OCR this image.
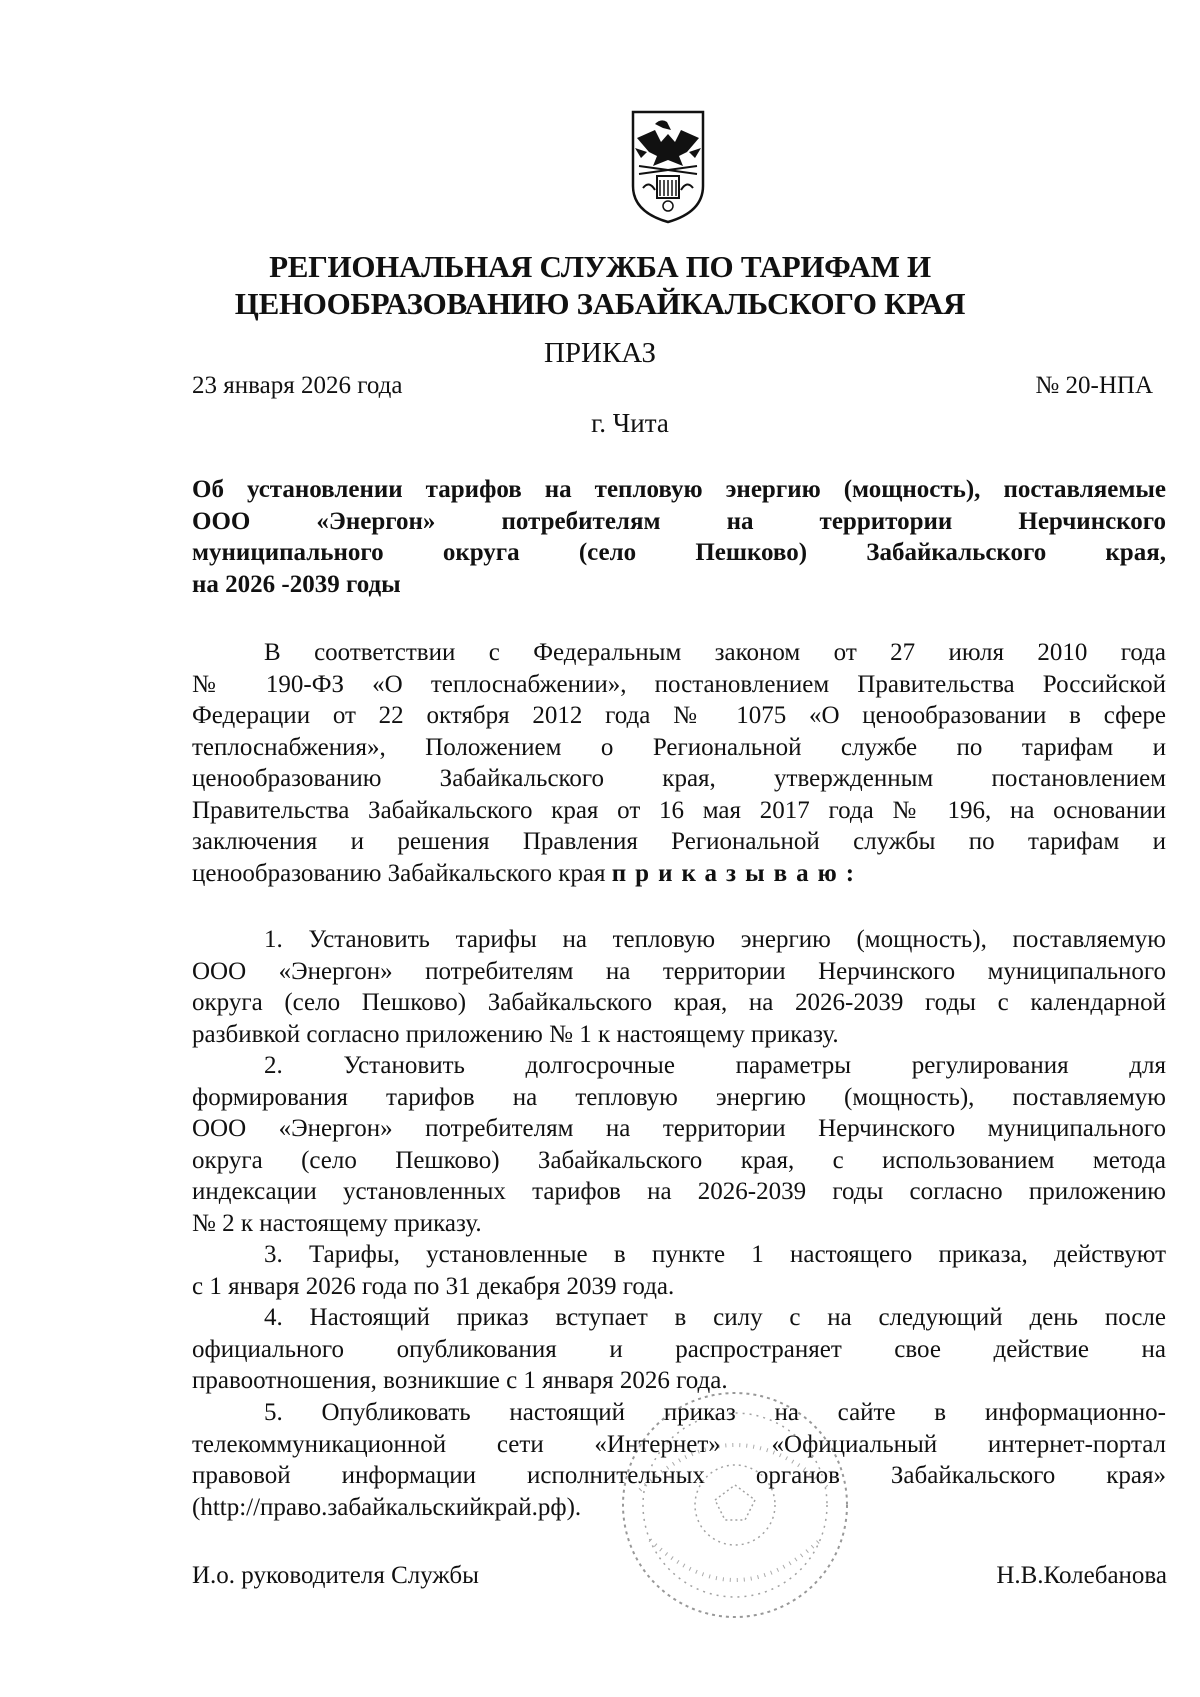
РЕГИОНАЛЬНАЯ СЛУЖБА ПО ТАРИФАМ И
ЦЕНООБРАЗОВАНИЮ ЗАБАЙКАЛЬСКОГО КРАЯ
ПРИКАЗ
23 января 2026 года	№ 20-НПА
г. Чита
Об установлении тарифов на тепловую энергию (мощность), поставляемые
ООО «Энергон» потребителям на территории Нерчинского
муниципального округа (село Пешково) Забайкальского края,
на 2026 -2039 годы
В соответствии с Федеральным законом от 27 июля 2010 года
№ 190-ФЗ «О теплоснабжении», постановлением Правительства Российской
Федерации от 22 октября 2012 года № 1075 «О ценообразовании в сфере
теплоснабжения», Положением о Региональной службе по тарифам и
ценообразованию Забайкальского края, утвержденным постановлением
Правительства Забайкальского края от 16 мая 2017 года № 196, на основании
заключения и решения Правления Региональной службы по тарифам и
ценообразованию Забайкальского края приказываю:
1. Установить тарифы на тепловую энергию (мощность), поставляемую
ООО «Энергон» потребителям на территории Нерчинского муниципального
округа (село Пешково) Забайкальского края, на 2026-2039 годы с календарной
разбивкой согласно приложению № 1 к настоящему приказу.
2. Установить долгосрочные параметры регулирования для
формирования тарифов на тепловую энергию (мощность), поставляемую
ООО «Энергон» потребителям на территории Нерчинского муниципального
округа (село Пешково) Забайкальского края, с использованием метода
индексации установленных тарифов на 2026-2039 годы согласно приложению
№ 2 к настоящему приказу.
3. Тарифы, установленные в пункте 1 настоящего приказа, действуют
с 1 января 2026 года по 31 декабря 2039 года.
4. Настоящий приказ вступает в силу с на следующий день после
официального опубликования и распространяет свое действие на
правоотношения, возникшие с 1 января 2026 года.
5. Опубликовать настоящий приказ на сайте в информационно-
телекоммуникационной сети «Интернет» «Официальный интернет-портал
правовой информации исполнительных органов Забайкальского края»
(http://право.забайкальскийкрай.рф).
И.о. руководителя Службы	Н.В.Колебанова
